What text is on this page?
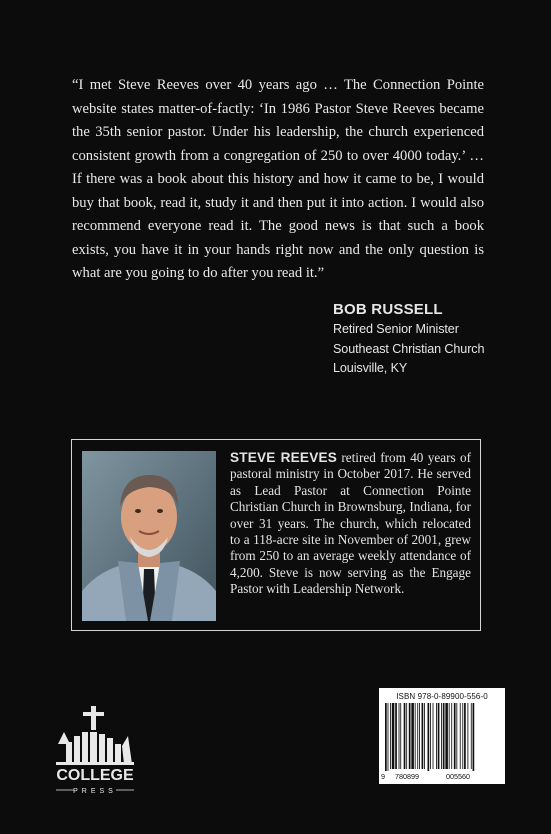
“I met Steve Reeves over 40 years ago … The Connection Pointe website states matter-of-factly: ‘In 1986 Pastor Steve Reeves became the 35th senior pastor. Under his leadership, the church experienced consistent growth from a congregation of 250 to over 4000 today.’ …If there was a book about this history and how it came to be, I would buy that book, read it, study it and then put it into action. I would also recommend everyone read it. The good news is that such a book exists, you have it in your hands right now and the only question is what are you going to do after you read it.”

BOB RUSSELL
Retired Senior Minister
Southeast Christian Church
Louisville, KY

STEVE REEVES retired from 40 years of pastoral ministry in October 2017. He served as Lead Pastor at Connection Pointe Christian Church in Brownsburg, Indiana, for over 31 years. The church, which relocated to a 118-acre site in November of 2001, grew from 250 to an average weekly attendance of 4,200. Steve is now serving as the Engage Pastor with Leadership Network.

COLLEGE
PRESS
ISBN 978-0-89900-556-0
9 780899	005560
